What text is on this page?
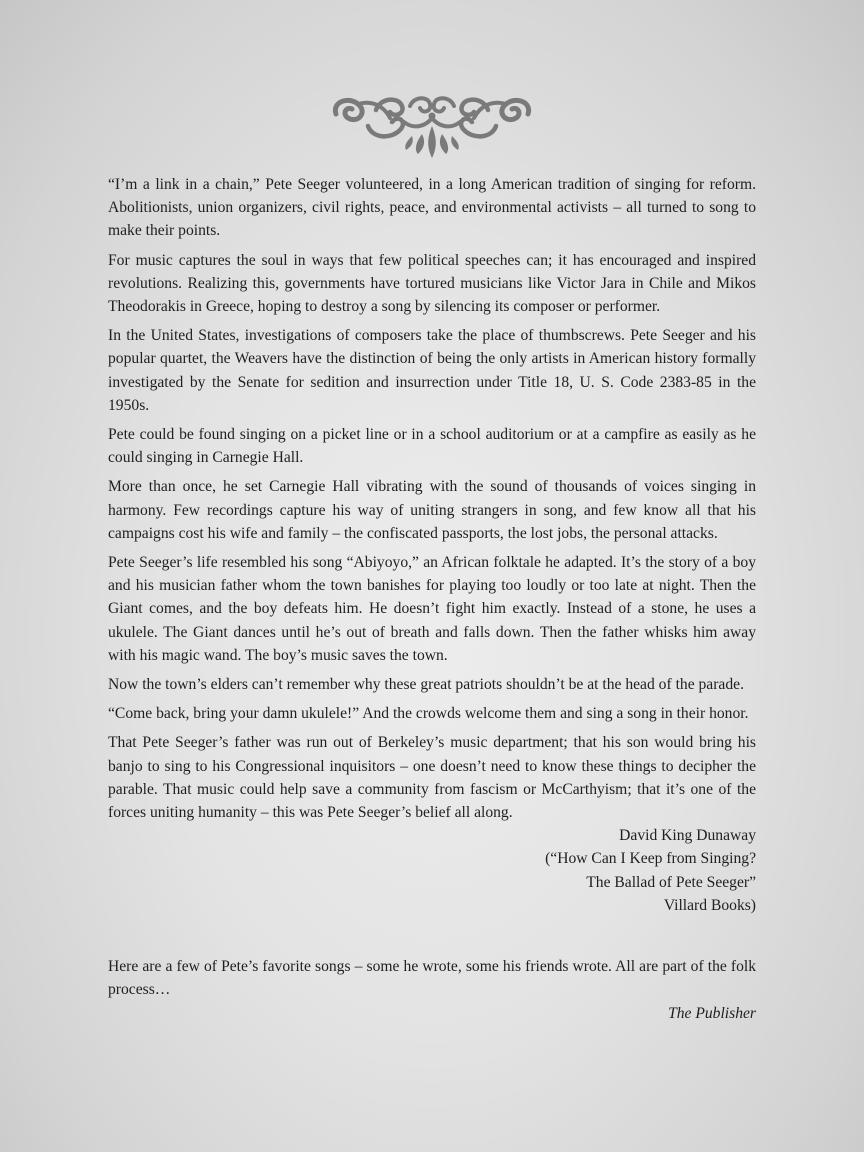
“I’m a link in a chain,” Pete Seeger volunteered, in a long American tradition of singing for reform. Abolitionists, union organizers, civil rights, peace, and environmental activists – all turned to song to make their points.

For music captures the soul in ways that few political speeches can; it has encouraged and inspired revolutions. Realizing this, governments have tortured musicians like Victor Jara in Chile and Mikos Theodorakis in Greece, hoping to destroy a song by silencing its composer or performer.

In the United States, investigations of composers take the place of thumbscrews. Pete Seeger and his popular quartet, the Weavers have the distinction of being the only artists in American history formally investigated by the Senate for sedition and insurrection under Title 18, U. S. Code 2383-85 in the 1950s.

Pete could be found singing on a picket line or in a school auditorium or at a campfire as easily as he could singing in Carnegie Hall.

More than once, he set Carnegie Hall vibrating with the sound of thousands of voices singing in harmony. Few recordings capture his way of uniting strangers in song, and few know all that his campaigns cost his wife and family – the confiscated passports, the lost jobs, the personal attacks.

Pete Seeger’s life resembled his song “Abiyoyo,” an African folktale he adapted. It’s the story of a boy and his musician father whom the town banishes for playing too loudly or too late at night. Then the Giant comes, and the boy defeats him. He doesn’t fight him exactly. Instead of a stone, he uses a ukulele. The Giant dances until he’s out of breath and falls down. Then the father whisks him away with his magic wand. The boy’s music saves the town.

Now the town’s elders can’t remember why these great patriots shouldn’t be at the head of the parade.

“Come back, bring your damn ukulele!” And the crowds welcome them and sing a song in their honor.

That Pete Seeger’s father was run out of Berkeley’s music department; that his son would bring his banjo to sing to his Congressional inquisitors – one doesn’t need to know these things to decipher the parable. That music could help save a community from fascism or McCarthyism; that it’s one of the forces uniting humanity – this was Pete Seeger’s belief all along.

David King Dunaway
(“How Can I Keep from Singing?
The Ballad of Pete Seeger”
Villard Books)

Here are a few of Pete’s favorite songs – some he wrote, some his friends wrote. All are part of the folk process…

The Publisher
